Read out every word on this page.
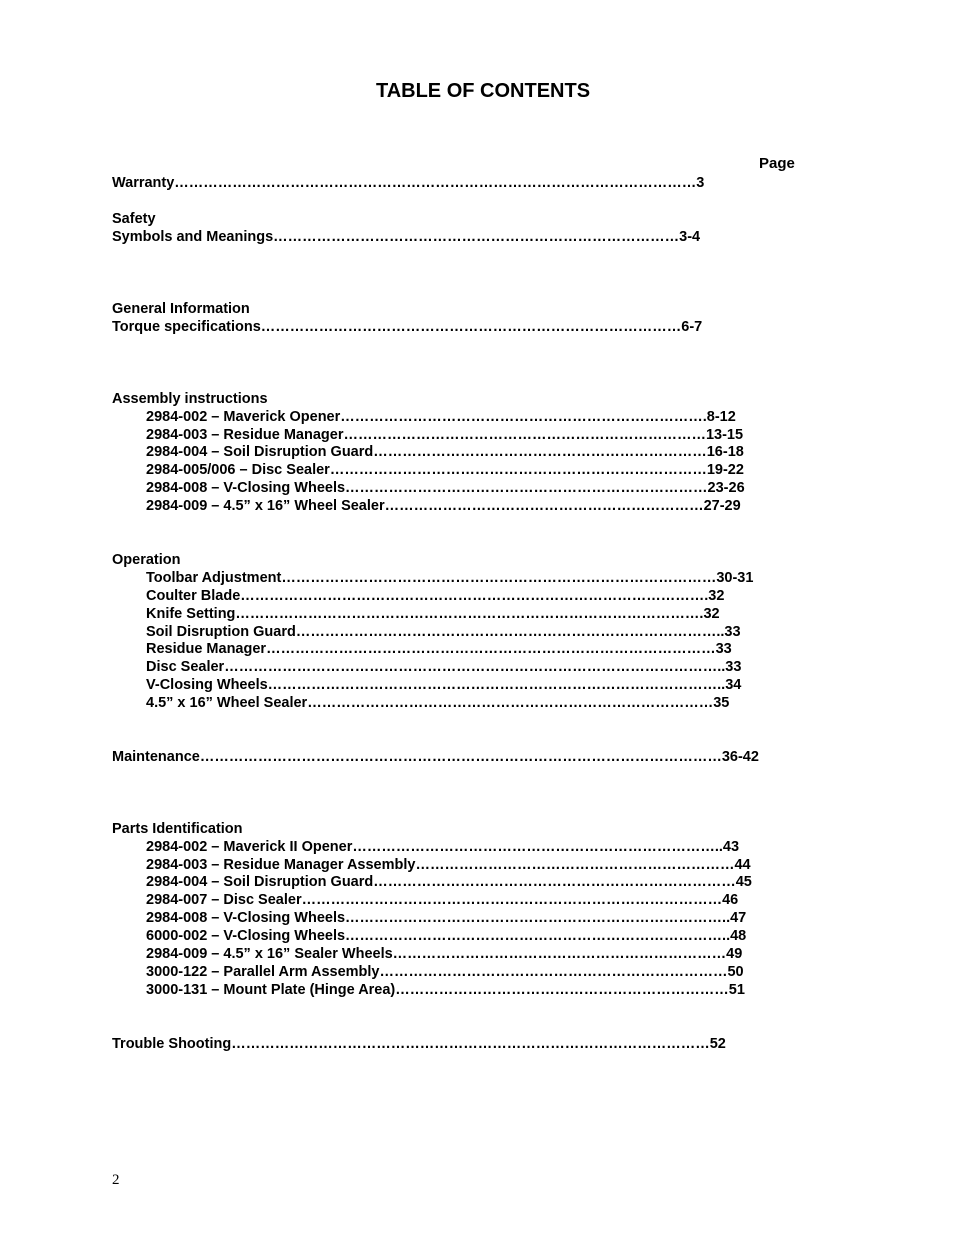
TABLE OF CONTENTS
Page
Warranty………………………………………………………………………………………………3
Safety
Symbols and Meanings…………………………………………………………………………3-4
General Information
Torque specifications……………………………………………………………………………6-7
Assembly instructions
2984-002 – Maverick Opener………………………………………………………………….8-12
2984-003 – Residue Manager…………………………………………………………………13-15
2984-004 – Soil Disruption Guard……………………………………………………………16-18
2984-005/006 – Disc Sealer……………………………………………………………………19-22
2984-008 – V-Closing Wheels…………………………………………………………………23-26
2984-009 – 4.5” x 16” Wheel Sealer…………………………………………………………27-29
Operation
Toolbar Adjustment………………………………………………………………………………30-31
Coulter Blade…………………………………………………………………………………….32
Knife Setting…………………………………………………………………………………….32
Soil Disruption Guard……………………………………………………………………………..33
Residue Manager…………………………………………………………………………………33
Disc Sealer…………………………………………………………………………………………..33
V-Closing Wheels…………………………………………………………………………………..34
4.5” x 16” Wheel Sealer…………………………………………………………………………35
Maintenance………………………………………………………………………………………………36-42
Parts Identification
2984-002 – Maverick II Opener…………………………………………………………………..43
2984-003 – Residue Manager Assembly…………………………………………………………44
2984-004 – Soil Disruption Guard…………………………………………………………………45
2984-007 – Disc Sealer……………………………………………………………………………46
2984-008 – V-Closing Wheels……………………………………………………………………..47
6000-002 – V-Closing Wheels……………………………………………………………………..48
2984-009 – 4.5” x 16” Sealer Wheels……………………………………………………………49
3000-122 – Parallel Arm Assembly………………………………………………………………50
3000-131 – Mount Plate (Hinge Area)……………………………………………………………51
Trouble Shooting………………………………………………………………………………………52
2
